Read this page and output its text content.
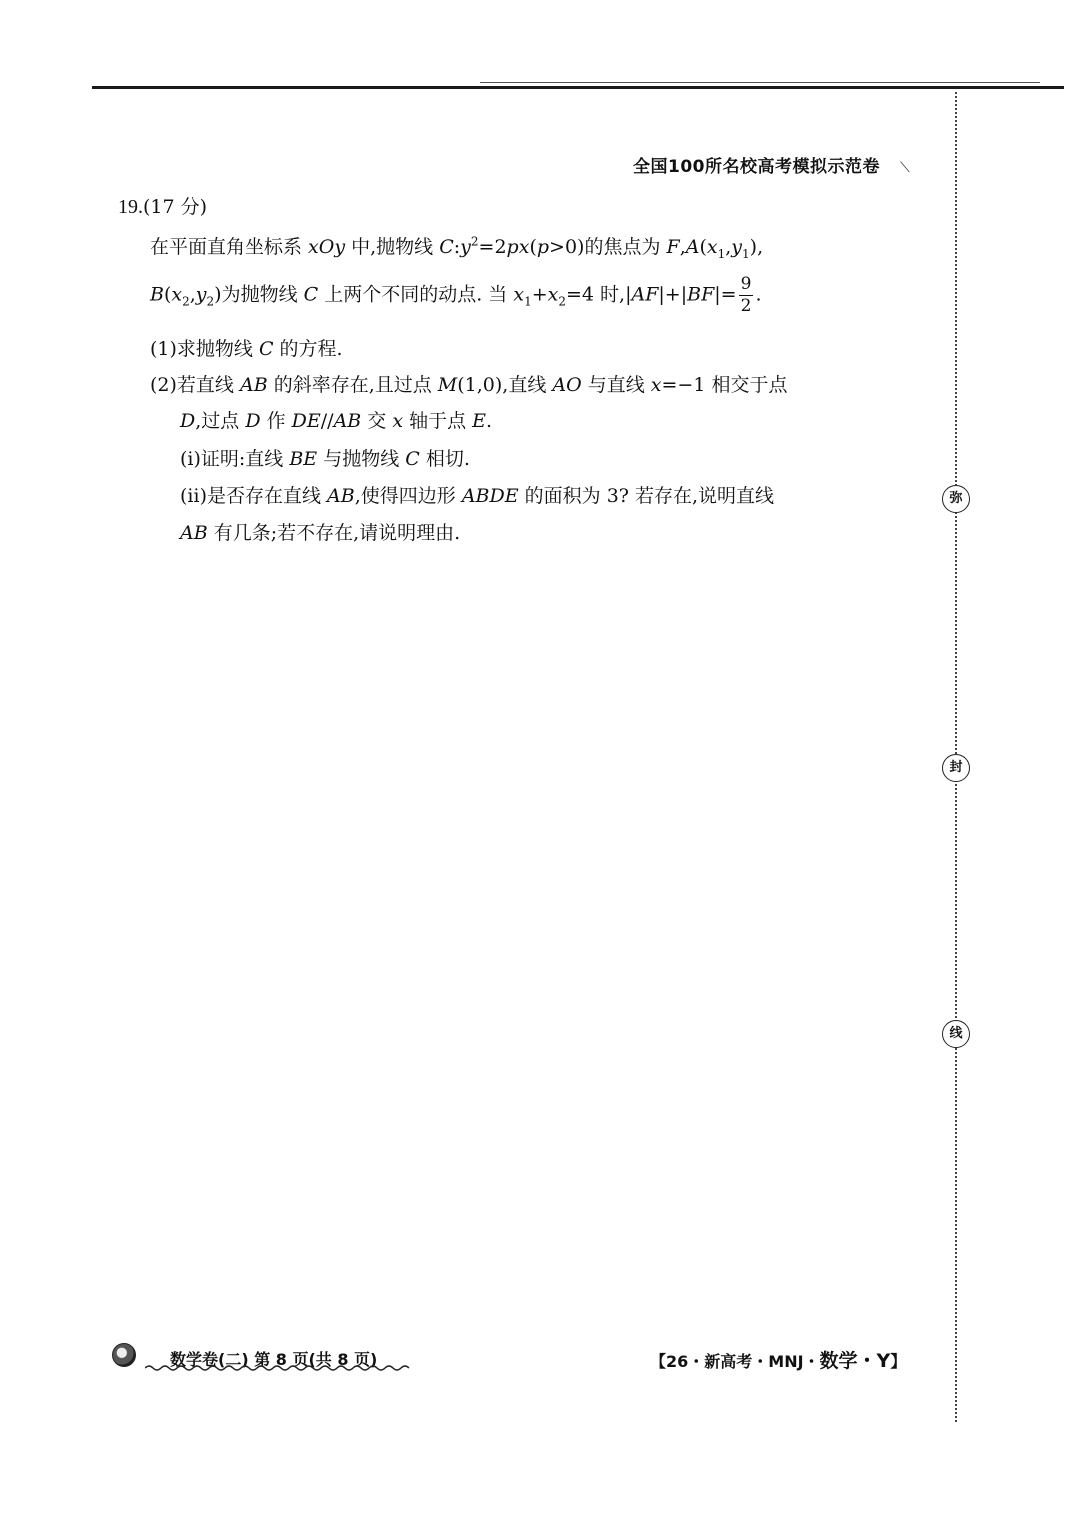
全国100所名校高考模拟示范卷 ⟍
弥
封
线
19.(17 分)
在平面直角坐标系 xOy 中,抛物线 $C:y^2=2px(p>0)$的焦点为 $F,A(x_1,y_1)$,
$B(x_2,y_2)$为抛物线 C 上两个不同的动点. 当 $x_1+x_2=4$ 时$,|AF|+|BF|= \frac{9}{2}$ .
(1)求抛物线 C 的方程.
(2)若直线 AB 的斜率存在,且过点 M(1,0),直线 AO 与直线 x=−1 相交于点
D,过点 D 作 DE//AB 交 x 轴于点 E.
(ⅰ)证明:直线 BE 与抛物线 C 相切.
(ⅱ)是否存在直线 AB,使得四边形 ABDE 的面积为 3? 若存在,说明直线
AB 有几条;若不存在,请说明理由.
数学卷(二) 第 8 页(共 8 页)	【26・新高考・MNJ・数学・Y】
